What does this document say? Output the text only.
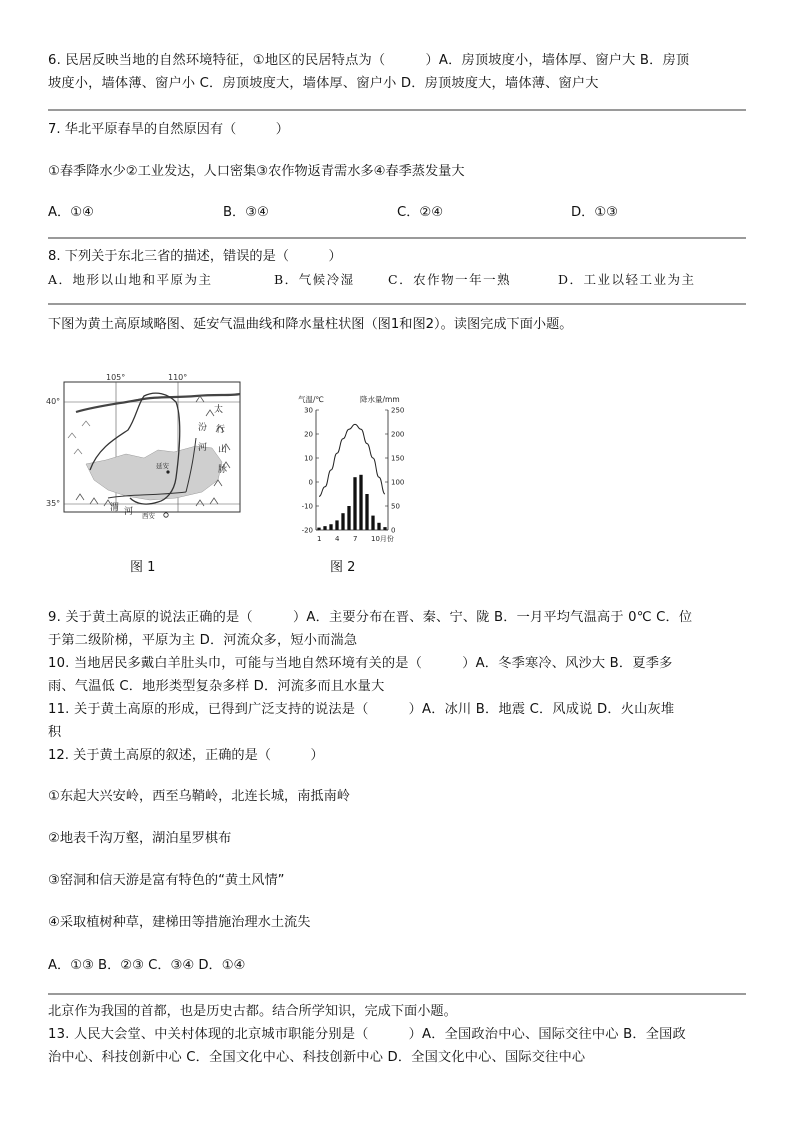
6. 民居反映当地的自然环境特征，①地区的民居特点为（　　　）A．房顶坡度小，墙体厚、窗户大 B．房顶
坡度小，墙体薄、窗户小 C．房顶坡度大，墙体厚、窗户小 D．房顶坡度大，墙体薄、窗户大
7. 华北平原春旱的自然原因有（　　　）
①春季降水少②工业发达，人口密集③农作物返青需水多④春季蒸发量大
A．①④	B．③④	C．②④	D．①③
8. 下列关于东北三省的描述，错误的是（　　　）
A．地形以山地和平原为主	B．气候冷湿	C．农作物一年一熟	D．工业以轻工业为主
下图为黄土高原域略图、延安气温曲线和降水量柱状图（图1和图2）。读图完成下面小题。
105°	110°
40°
35°
太
行
山
脉
汾
河
延安
渭 河 西安
图 1
气温/℃	降水量/mm
30
20
10
0
-10
-20
250
200
150
100
50
0
1 4 7 10月份
图 2
9. 关于黄土高原的说法正确的是（　　　）A．主要分布在晋、秦、宁、陇 B．一月平均气温高于 0℃ C．位
于第二级阶梯，平原为主 D．河流众多，短小而湍急
10. 当地居民多戴白羊肚头巾，可能与当地自然环境有关的是（　　　）A．冬季寒冷、风沙大 B．夏季多
雨、气温低 C．地形类型复杂多样 D．河流多而且水量大
11. 关于黄土高原的形成，已得到广泛支持的说法是（　　　）A．冰川 B．地震 C．风成说 D．火山灰堆
积
12. 关于黄土高原的叙述，正确的是（　　　）
①东起大兴安岭，西至乌鞘岭，北连长城，南抵南岭
②地表千沟万壑，湖泊星罗棋布
③窑洞和信天游是富有特色的“黄土风情”
④采取植树种草，建梯田等措施治理水土流失
A．①③ B．②③ C．③④ D．①④
北京作为我国的首都，也是历史古都。结合所学知识，完成下面小题。
13. 人民大会堂、中关村体现的北京城市职能分别是（　　　）A．全国政治中心、国际交往中心 B．全国政
治中心、科技创新中心 C．全国文化中心、科技创新中心 D．全国文化中心、国际交往中心
